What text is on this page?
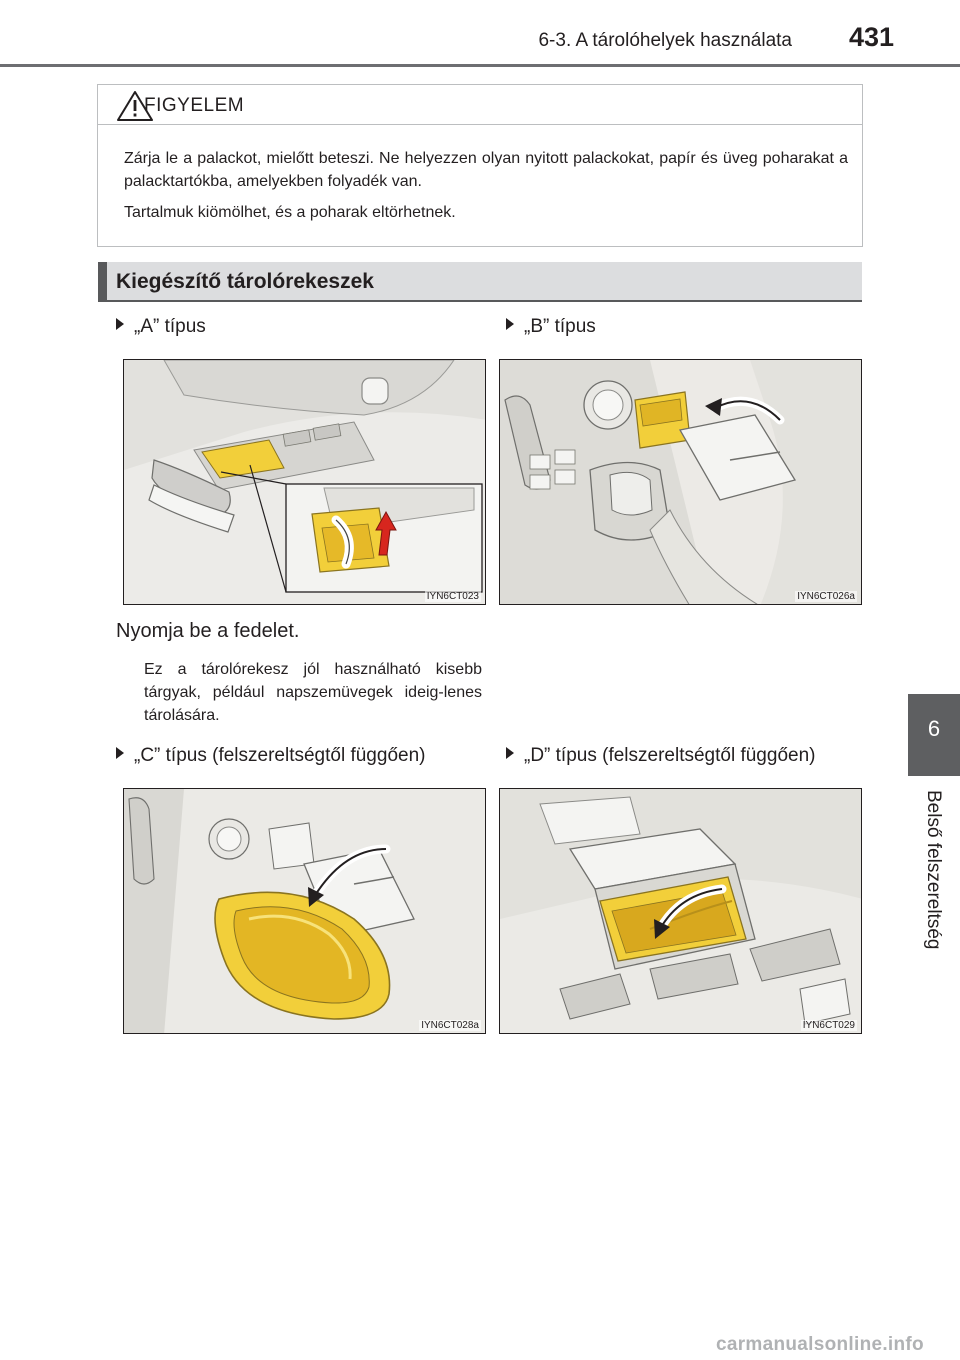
6-3. A tárolóhelyek használata 431
6
Belső felszereltség
FIGYELEM

Zárja le a palackot, mielőtt beteszi. Ne helyezzen olyan nyitott palackokat, papír és üveg poharakat a palacktartókba, amelyekben folyadék van.

Tartalmuk kiömölhet, és a poharak eltörhetnek.

Kiegészítő tárolórekeszek
„A” típus	„B” típus
„C” típus (felszereltségtől függően)	„D” típus (felszereltségtől függően)
IYN6CT023	IYN6CT026a
Nyomja be a fedelet.
Ez a tárolórekesz jól használható kisebb tárgyak, például napszemüvegek ideig-lenes tárolására.
IYN6CT028a	IYN6CT029
carmanualsonline.info
